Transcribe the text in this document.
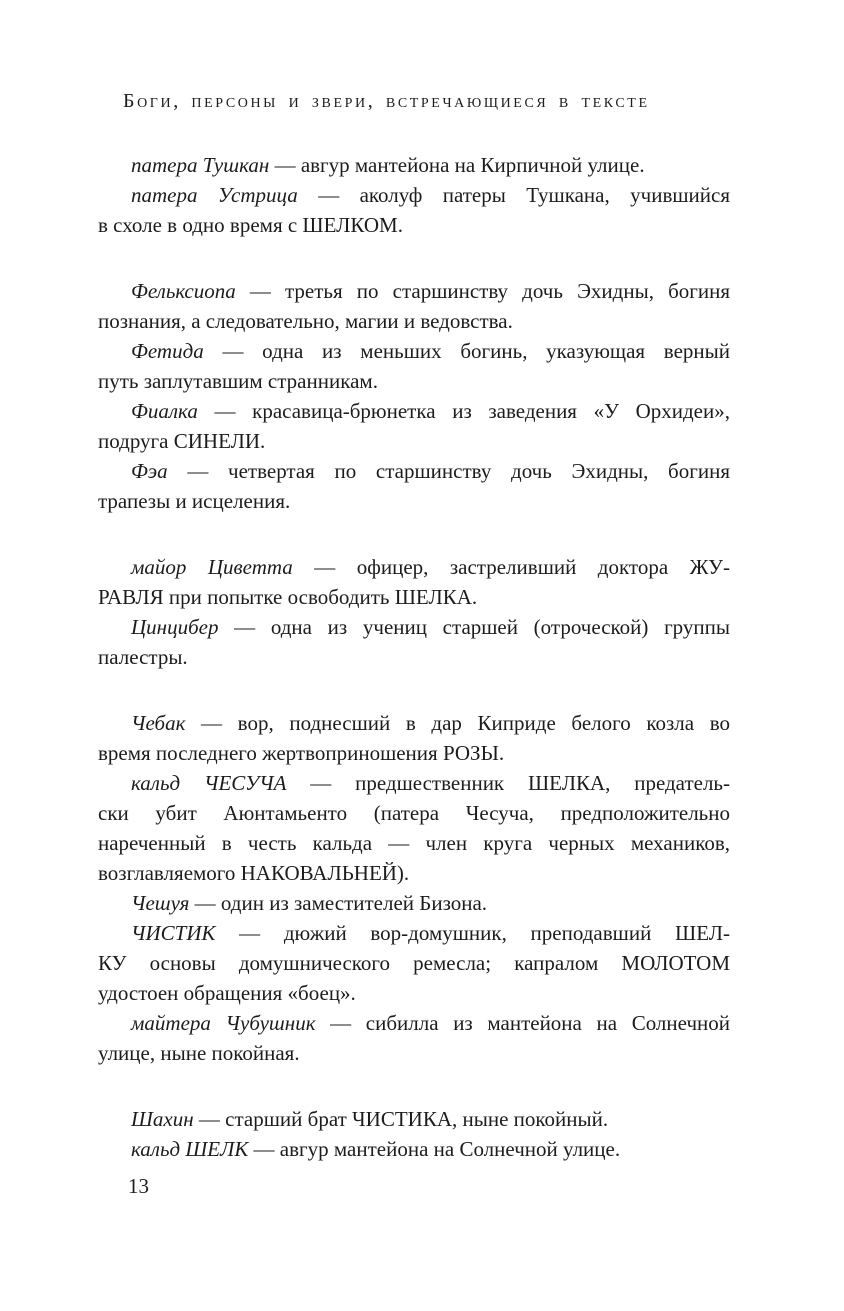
Боги, персоны и звери, встречающиеся в тексте
патера Тушкан — авгур мантейона на Кирпичной улице.
патера Устрица — аколуф патеры Тушкана, учившийся
в схоле в одно время с ШЕЛКОМ.
Фельксиопа — третья по старшинству дочь Эхидны, богиня
познания, а следовательно, магии и ведовства.
Фетида — одна из меньших богинь, указующая верный
путь заплутавшим странникам.
Фиалка — красавица-брюнетка из заведения «У Орхидеи»,
подруга СИНЕЛИ.
Фэа — четвертая по старшинству дочь Эхидны, богиня
трапезы и исцеления.
майор Циветта — офицер, застреливший доктора ЖУ-
РАВЛЯ при попытке освободить ШЕЛКА.
Цинцибер — одна из учениц старшей (отроческой) группы
палестры.
Чебак — вор, поднесший в дар Киприде белого козла во
время последнего жертвоприношения РОЗЫ.
кальд ЧЕСУЧА — предшественник ШЕЛКА, предатель-
ски убит Аюнтамьенто (патера Чесуча, предположительно
нареченный в честь кальда — член круга черных механиков,
возглавляемого НАКОВАЛЬНЕЙ).
Чешуя — один из заместителей Бизона.
ЧИСТИК — дюжий вор-домушник, преподавший ШЕЛ-
КУ основы домушнического ремесла; капралом МОЛОТОМ
удостоен обращения «боец».
майтера Чубушник — сибилла из мантейона на Солнечной
улице, ныне покойная.
Шахин — старший брат ЧИСТИКА, ныне покойный.
кальд ШЕЛК — авгур мантейона на Солнечной улице.
13
